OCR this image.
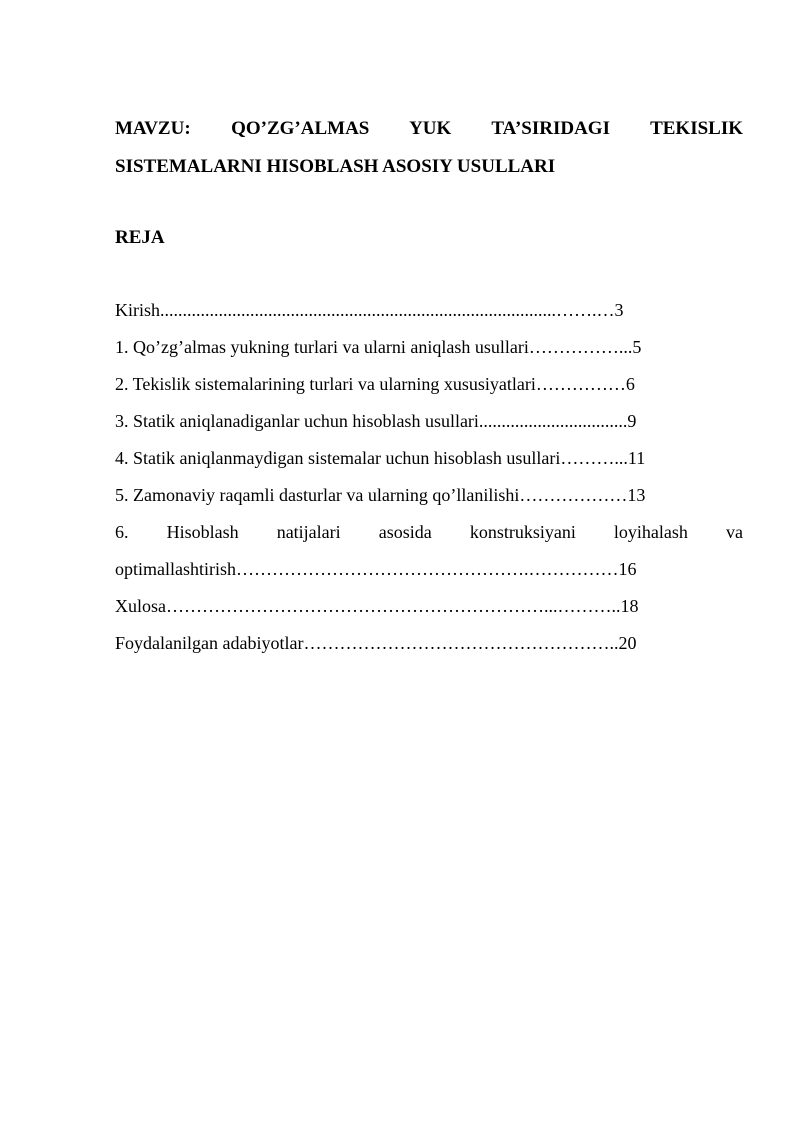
MAVZU: QO’ZG’ALMAS YUK TA’SIRIDAGI TEKISLIK
SISTEMALARNI HISOBLASH ASOSIY USULLARI
REJA
Kirish........................................................................................…….…3
1. Qo’zg’almas yukning turlari va ularni aniqlash usullari……………...5
2. Tekislik sistemalarining turlari va ularning xususiyatlari……………6
3. Statik aniqlanadiganlar uchun hisoblash usullari.................................9
4. Statik aniqlanmaydigan sistemalar uchun hisoblash usullari………...11
5. Zamonaviy raqamli dasturlar va ularning qo’llanilishi………………13
6. Hisoblash natijalari asosida konstruksiyani loyihalash va
optimallashtirish………………………………………….……………16
Xulosa………………………………………………………...………..18
Foydalanilgan adabiyotlar……………………………………………..20
